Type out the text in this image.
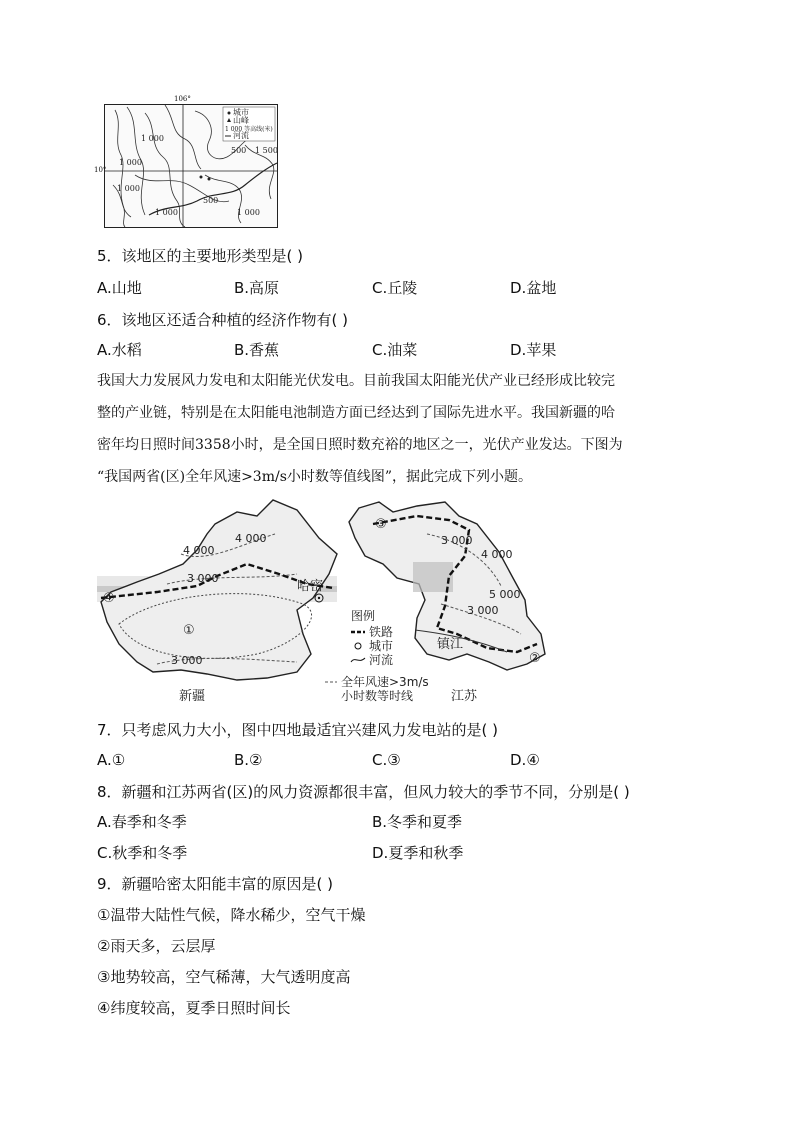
城市
山峰
1 000 等高线(米)
河流
1 000
1 000
500 1 500
1 000
1 000
500
1 000
106°
10°
5．该地区的主要地形类型是( )
A.山地	B.高原	C.丘陵	D.盆地
6．该地区还适合种植的经济作物有( )
A.水稻	B.香蕉	C.油菜	D.苹果
我国大力发展风力发电和太阳能光伏发电。目前我国太阳能光伏产业已经形成比较完
整的产业链，特别是在太阳能电池制造方面已经达到了国际先进水平。我国新疆的哈
密年均日照时间3358小时，是全国日照时数充裕的地区之一，光伏产业发达。下图为
“我国两省(区)全年风速>3m/s小时数等值线图”，据此完成下列小题。
4 000
4 000
3 000
3 000
3 000
4 000
5 000
3 000
①
②
③
④
哈密
镇江
新疆	江苏
图例
铁路
城市
河流
全年风速>3m/s
小时数等时线
7．只考虑风力大小，图中四地最适宜兴建风力发电站的是( )
A.①	B.②	C.③	D.④
8．新疆和江苏两省(区)的风力资源都很丰富，但风力较大的季节不同，分别是( )
A.春季和冬季	B.冬季和夏季
C.秋季和冬季	D.夏季和秋季
9．新疆哈密太阳能丰富的原因是( )
①温带大陆性气候，降水稀少，空气干燥
②雨天多，云层厚
③地势较高，空气稀薄，大气透明度高
④纬度较高，夏季日照时间长
